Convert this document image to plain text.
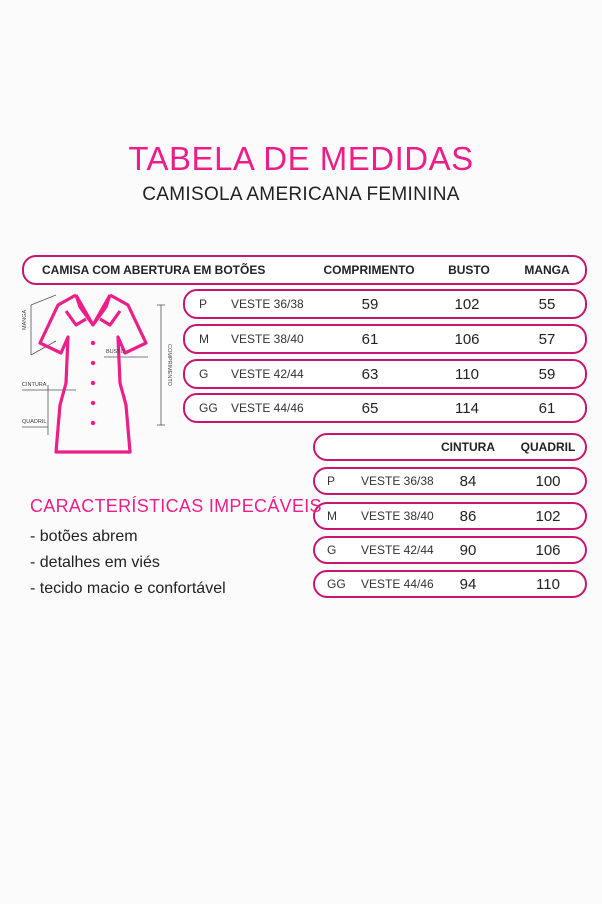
TABELA DE MEDIDAS
CAMISOLA AMERICANA FEMININA
CAMISA COM ABERTURA EM BOTÕES	COMPRIMENTO	BUSTO	MANGA
P	VESTE 36/38	59	102	55
M	VESTE 38/40	61	106	57
G	VESTE 42/44	63	110	59
GG	VESTE 44/46	65	114	61
MANGA
BUSTO
CINTURA
QUADRIL
COMPRIMENTO
CINTURA	QUADRIL
P	VESTE 36/38	84	100
M	VESTE 38/40	86	102
G	VESTE 42/44	90	106
GG	VESTE 44/46	94	110
CARACTERÍSTICAS IMPECÁVEIS
- botões abrem
- detalhes em viés
- tecido macio e confortável
